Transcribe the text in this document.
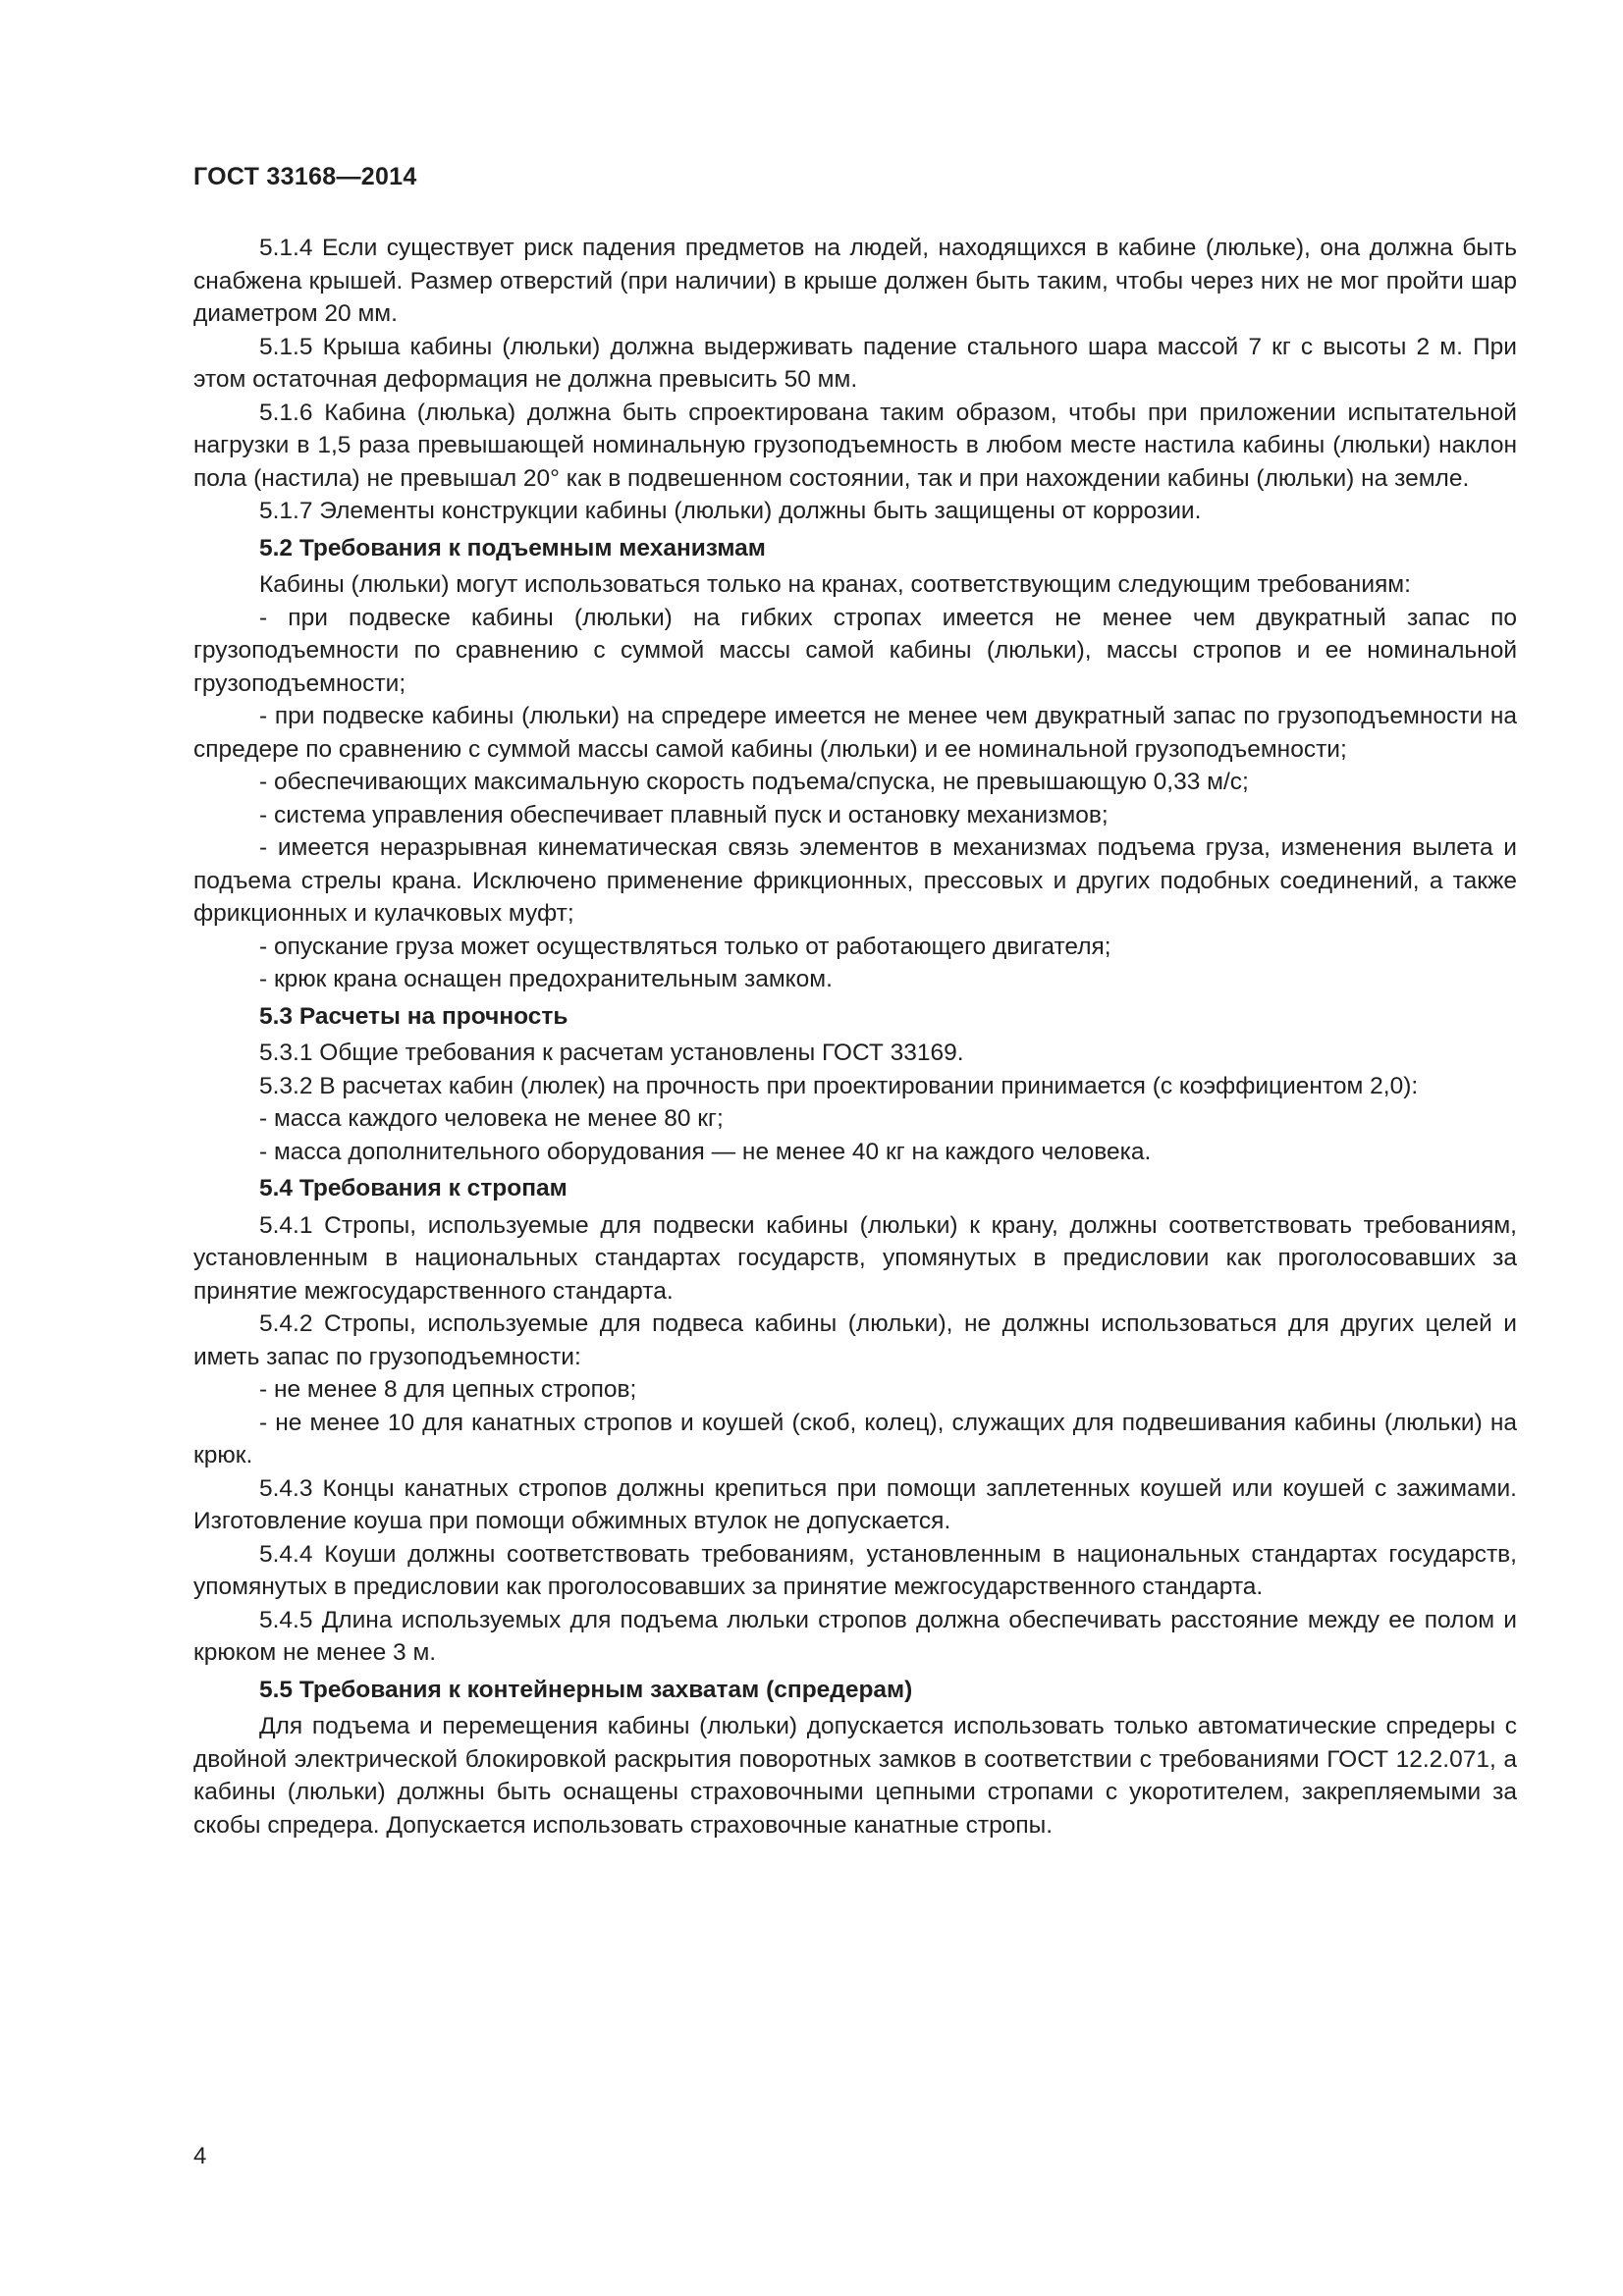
ГОСТ 33168—2014

5.1.4 Если существует риск падения предметов на людей, находящихся в кабине (люльке), она должна быть снабжена крышей. Размер отверстий (при наличии) в крыше должен быть таким, чтобы через них не мог пройти шар диаметром 20 мм.

5.1.5 Крыша кабины (люльки) должна выдерживать падение стального шара массой 7 кг с высоты 2 м. При этом остаточная деформация не должна превысить 50 мм.

5.1.6 Кабина (люлька) должна быть спроектирована таким образом, чтобы при приложении испытательной нагрузки в 1,5 раза превышающей номинальную грузоподъемность в любом месте настила кабины (люльки) наклон пола (настила) не превышал 20° как в подвешенном состоянии, так и при нахождении кабины (люльки) на земле.

5.1.7 Элементы конструкции кабины (люльки) должны быть защищены от коррозии.

5.2 Требования к подъемным механизмам

Кабины (люльки) могут использоваться только на кранах, соответствующим следующим требованиям:

- при подвеске кабины (люльки) на гибких стропах имеется не менее чем двукратный запас по грузоподъемности по сравнению с суммой массы самой кабины (люльки), массы стропов и ее номинальной грузоподъемности;

- при подвеске кабины (люльки) на спредере имеется не менее чем двукратный запас по грузоподъемности на спредере по сравнению с суммой массы самой кабины (люльки) и ее номинальной грузоподъемности;

- обеспечивающих максимальную скорость подъема/спуска, не превышающую 0,33 м/с;

- система управления обеспечивает плавный пуск и остановку механизмов;

- имеется неразрывная кинематическая связь элементов в механизмах подъема груза, изменения вылета и подъема стрелы крана. Исключено применение фрикционных, прессовых и других подобных соединений, а также фрикционных и кулачковых муфт;

- опускание груза может осуществляться только от работающего двигателя;

- крюк крана оснащен предохранительным замком.

5.3 Расчеты на прочность

5.3.1 Общие требования к расчетам установлены ГОСТ 33169.

5.3.2 В расчетах кабин (люлек) на прочность при проектировании принимается (с коэффициентом 2,0):

- масса каждого человека не менее 80 кг;

- масса дополнительного оборудования — не менее 40 кг на каждого человека.

5.4 Требования к стропам

5.4.1 Стропы, используемые для подвески кабины (люльки) к крану, должны соответствовать требованиям, установленным в национальных стандартах государств, упомянутых в предисловии как проголосовавших за принятие межгосударственного стандарта.

5.4.2 Стропы, используемые для подвеса кабины (люльки), не должны использоваться для других целей и иметь запас по грузоподъемности:

- не менее 8 для цепных стропов;

- не менее 10 для канатных стропов и коушей (скоб, колец), служащих для подвешивания кабины (люльки) на крюк.

5.4.3 Концы канатных стропов должны крепиться при помощи заплетенных коушей или коушей с зажимами. Изготовление коуша при помощи обжимных втулок не допускается.

5.4.4 Коуши должны соответствовать требованиям, установленным в национальных стандартах государств, упомянутых в предисловии как проголосовавших за принятие межгосударственного стандарта.

5.4.5 Длина используемых для подъема люльки стропов должна обеспечивать расстояние между ее полом и крюком не менее 3 м.

5.5 Требования к контейнерным захватам (спредерам)

Для подъема и перемещения кабины (люльки) допускается использовать только автоматические спредеры с двойной электрической блокировкой раскрытия поворотных замков в соответствии с требованиями ГОСТ 12.2.071, а кабины (люльки) должны быть оснащены страховочными цепными стропами с укоротителем, закрепляемыми за скобы спредера. Допускается использовать страховочные канатные стропы.

4
